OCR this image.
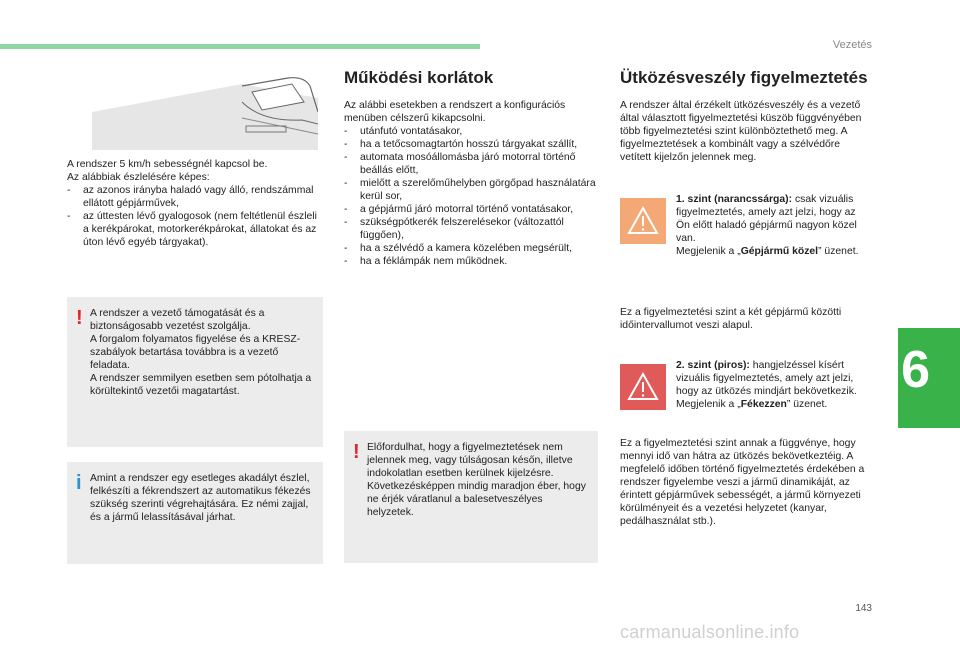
Vezetés
6
A rendszer 5 km/h sebességnél kapcsol be.
Az alábbiak észlelésére képes:
- az azonos irányba haladó vagy álló, rendszámmal ellátott gépjárművek,
- az úttesten lévő gyalogosok (nem feltétlenül észleli a kerékpárokat, motorkerékpárokat, állatokat és az úton lévő egyéb tárgyakat).
! A rendszer a vezető támogatását és a biztonságosabb vezetést szolgálja.
A forgalom folyamatos figyelése és a KRESZ-szabályok betartása továbbra is a vezető feladata.
A rendszer semmilyen esetben sem pótolhatja a körültekintő vezetői magatartást.
i Amint a rendszer egy esetleges akadályt észlel, felkészíti a fékrendszert az automatikus fékezés szükség szerinti végrehajtására. Ez némi zajjal, és a jármű lelassításával járhat.
Működési korlátok
Az alábbi esetekben a rendszert a konfigurációs menüben célszerű kikapcsolni.
- utánfutó vontatásakor,
- ha a tetőcsomagtartón hosszú tárgyakat szállít,
- automata mosóállomásba járó motorral történő beállás előtt,
- mielőtt a szerelőműhelyben görgőpad használatára kerül sor,
- a gépjármű járó motorral történő vontatásakor,
- szükségpótkerék felszerelésekor (változattól függően),
- ha a szélvédő a kamera közelében megsérült,
- ha a féklámpák nem működnek.
! Előfordulhat, hogy a figyelmeztetések nem jelennek meg, vagy túlságosan későn, illetve indokolatlan esetben kerülnek kijelzésre.
Következésképpen mindig maradjon éber, hogy ne érjék váratlanul a balesetveszélyes helyzetek.
Ütközésveszély figyelmeztetés
A rendszer által érzékelt ütközésveszély és a vezető által választott figyelmeztetési küszöb függvényében több figyelmeztetési szint különböztethető meg. A figyelmeztetések a kombinált vagy a szélvédőre vetített kijelzőn jelennek meg.
1. szint (narancssárga): csak vizuális figyelmeztetés, amely azt jelzi, hogy az Ön előtt haladó gépjármű nagyon közel van.
Megjelenik a „Gépjármű közel” üzenet.
Ez a figyelmeztetési szint a két gépjármű közötti időintervallumot veszi alapul.
2. szint (piros): hangjelzéssel kísért vizuális figyelmeztetés, amely azt jelzi, hogy az ütközés mindjárt bekövetkezik.
Megjelenik a „Fékezzen” üzenet.
Ez a figyelmeztetési szint annak a függvénye, hogy mennyi idő van hátra az ütközés bekövetkeztéig. A megfelelő időben történő figyelmeztetés érdekében a rendszer figyelembe veszi a jármű dinamikáját, az érintett gépjárművek sebességét, a jármű környezeti körülményeit és a vezetési helyzetet (kanyar, pedálhasználat stb.).
143
carmanualsonline.info
